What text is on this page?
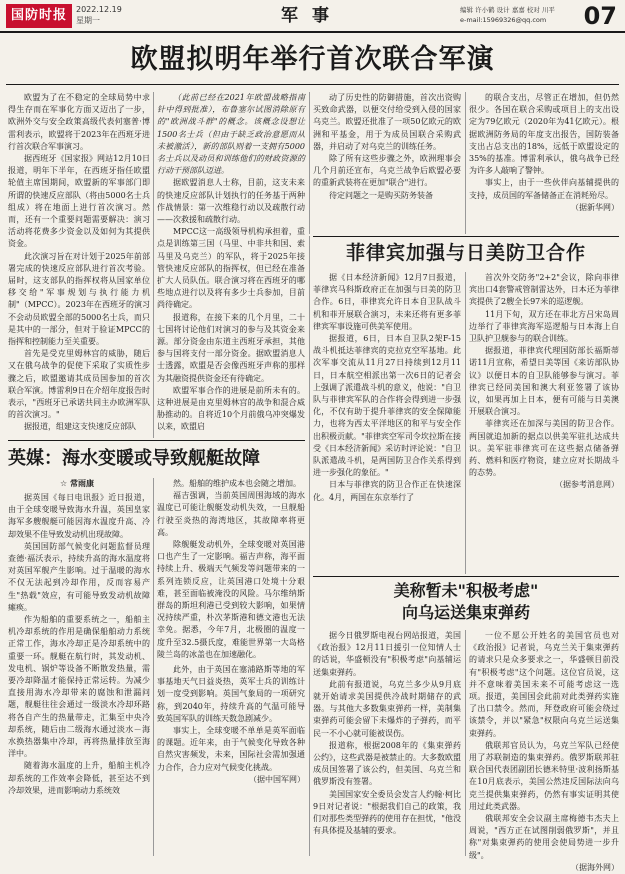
国防时报	2022.12.19
星期一	军事	编辑 许小鹤 设计 嘉嘉 校对 川平
e-mail:15969326@qq.com	07
欧盟拟明年举行首次联合军演

欧盟为了在不稳定的全球局势中求得生存而在军事化方面又迈出了一步，欧洲外交与安全政策高级代表何塞普·博雷利表示，欧盟将于2023年在西班牙进行首次联合军事演习。

据西班牙《国家报》网站12月10日报道，明年下半年，在西班牙指任欧盟轮值主席国期间，欧盟新的军事部门即所谓的快速反应部队（将由5000名士兵组成）将在地面上进行首次演习。然而，还有一个重要问题需要解决：演习活动将花费多少资金以及如何为其提供资金。

此次演习旨在对计划于2025年前部署完成的快速反应部队进行首次考验。届时，这支部队的指挥权将从国家单位移交给"军事规划与执行能力机制"（MPCC）。2023年在西班牙的演习不会动员欧盟全部的5000名士兵，而只是其中的一部分，但对于验证MPCC的指挥和控制能力至关重要。

首先是受克里姆林宫的威胁，随后又在俄乌战争的促使下采取了实质性步骤之后，欧盟邀请其成员国参加的首次联合军演。博雷利9日在介绍年度报告时表示，"西班牙已承诺共同主办欧洲军队的首次演习。"

据报道，组建这支快速反应部队

（此前已经在2021年欧盟战略指南针中得到批准），布鲁塞尔试图消除原有的"欧洲战斗群"的概念。该概念设想让1500名士兵（但由于缺乏政治意愿而从未被激活），新的部队则着一支拥有5000名士兵以及动员和训练他们的财政资源的行动干预部队迈进。

据欧盟消息人士称，目前，这支未来的快速反应部队计划执行的任务基于两种作战情景：第一次维稳行动以及疏散行动——次救援和疏散行动。

MPCC这一高级领导机构承担着，重点是训练第三国（马里、中非共和国、索马里及乌克兰）的军队，将于2025年接管快速反应部队的指挥权，但已经在准备扩大人员队伍。联合演习将在西班牙的哪些地点进行以及将有多少士兵参加，目前尚待确定。

报道称，在接下来的几个月里，二十七国将讨论他们对演习的参与及其资金来源。部分资金由东道主西班牙承担，其他参与国将支付一部分资金。据欧盟消息人士透露，欧盟是否会像西班牙声称的那样为其融资提供资金还有待确定。

欧盟军事合作的进展是前所未有的。这种进展是由克里姆林宫的战争和混合威胁推动的。自将近10个月前俄乌冲突爆发以来，欧盟启

动了历史性的防御措施，首次出资购买致命武器，以便交付给受到入侵的国家乌克兰。欧盟还批准了一项50亿欧元的欧洲和平基金，用于为成员国联合采购武器，并启动了对乌克兰的训练任务。

除了所有这些步骤之外，欧洲理事会几个月前还宣布，乌克兰战争后欧盟必要的重新武装将在更加"联合"进行。

待定问题之一是购买防务装备

的联合支出，尽管正在增加，但仍然很少。各国在联合采购或项目上的支出设定为79亿欧元（2020年为41亿欧元）。根据欧洲防务局的年度支出报告，国防装备支出占总支出的18%，远低于欧盟设定的35%的基准。博雷利承认，俄乌战争已经为许多人敲响了警钟。

事实上，由于一些伙伴向基辅提供的支持，成员国的军备储备正在消耗殆尽。

（据新华网）
菲律宾加强与日美防卫合作

据《日本经济新闻》12月7日报道，菲律宾马科斯政府正在加强与日美的防卫合作。6日，菲律宾允许日本自卫队战斗机和菲开展联合演习，未来还将有更多菲律宾军事设施可供美军使用。

据报道，6日，日本自卫队2架F-15战斗机抵达菲律宾的克拉克空军基地。此次军事交流从11月27日持续到12月11日，日本航空相派出第一次6日的记者会上强调了派遣战斗机的意义，他说："自卫队与菲律宾军队的合作将会得到进一步强化，不仅有助于提升菲律宾的安全保障能力，也将为西太平洋地区的和平与安全作出积极贡献。"菲律宾空军司令坎拉斯在接受《日本经济新闻》采访时评论说："自卫队派遣战斗机，是两国防卫合作关系得到进一步强化的象征。"

日本与菲律宾的防卫合作正在快速深化。4月，两国在东京举行了

首次外交防务"2+2"会议，除向菲律宾出口4套警戒管制雷达外，日本还为菲律宾提供了2艘全长97米的巡逻舰。

11月下旬，双方还在菲北方吕宋岛周边举行了菲律宾海军巡逻船与日本海上自卫队护卫舰参与的联合训练。

据报道，菲律宾代理国防部长福斯蒂诺11月宣称，希望日美等国《来访部队协议》以便日本的自卫队能够参与演习。菲律宾已经同美国和澳大利亚签署了该协议，如果再加上日本，便有可能与日美澳开展联合演习。

菲律宾还在加深与美国的防卫合作。两国就追加新的据点以供美军驻扎达成共识。美军驻菲律宾可在这些据点储备弹药、燃料和医疗物资，建立应对长期战斗的态势。

（据参考消息网）
英媒：海水变暖或导致舰艇故障
☆ 常雨康

据英国《每日电讯报》近日报道，由于全球变暖导致海水升温，英国皇家海军多艘舰艇可能因海水温度升高、冷却效果不佳导致发动机出现故障。

英国国防部气候变化问题监督员理查德·福沃表示，持续升高的海水温度将对英国军舰产生影响。过于温暖的海水不仅无法起到冷却作用，反而容易产生"热载"效应，有可能导致发动机故障瘫痪。

作为船舶的重要系统之一，船舶主机冷却系统的作用是确保船舶动力系统正常工作，海水冷却正是冷却系统中的重要一环。舰艇在航行时，其发动机、发电机、锅炉等设备不断散发热量，需要冷却降温才能保持正常运转。为减少直接用海水冷却带来的腐蚀和泄漏问题，舰艇往往会通过一级淡水冷却环路将各自产生的热量带走，汇集至中央冷却系统，随后由二级海水通过淡水－海水换热器集中冷却，再将热量排放至海洋中。

随着海水温度的上升，船舶主机冷却系统的工作效率会降低，甚至达不到冷却效果，进而影响动力系统效

然。船舶的维护成本也会随之增加。

福吉强调，当前英国周围海域的海水温度已可能让舰艇发动机失效，一旦舰船行驶至炎热的海湾地区，其故障率将更高。

除舰艇发动机外，全球变暖对英国港口也产生了一定影响。福吉声称，海平面持续上升、极端天气频发等问题带来的一系列连锁反应，让英国港口处境十分艰难，甚至面临被淹没的风险。马尔维纳斯群岛的斯坦利港已受到较大影响，如果情况持续严重，朴次茅斯港和德文港也无法幸免。据悉，今年7月，北极圈的温度一度升至32.5摄氏度，难能世界第一大岛格陵兰岛的冰盖也在加速融化。

此外，由于英国在塞浦路斯等地的军事基地天气日益炎热，英军士兵的训练计划一度受到影响。英国气象局的一项研究称，到2040年，持续升高的气温可能导致英国军队的训练天数急剧减少。

事实上，全球变暖不单单是英军面临的课题。近年来，由于气候变化导致各种自然灾害频发，未来，国际社会需加强通力合作，合力应对气候变化挑战。

（据中国军网）
美称暂未"积极考虑"
向乌运送集束弹药

据今日俄罗斯电视台网站报道，美国《政治报》12月11日援引一位知情人士的话说，华盛顿没有"积极考虑"向基辅运送集束弹药。

此前有报道说，乌克兰多少从9月底就开始请求美国提供冷战时期储存的武器。与其他大多数集束弹药一样，美制集束弹药可能会留下未爆炸的子弹药，而平民一不小心就可能被误伤。

报道称，根据2008年的《集束弹药公约》，这些武器是被禁止的。大多数欧盟成员国签署了该公约，但美国、乌克兰和俄罗斯没有签署。

美国国家安全委员会发言人约翰·柯比9日对记者说："根据我们自己的政策，我们对那些类型弹药的使用存在担忧，"他没有具体提及基辅的要求。

一位不愿公开姓名的美国官员也对《政治报》记者说，乌克兰关于集束弹药的请求只是众多要求之一，华盛顿目前没有"积极考虑"这个问题。这位官员说，这并不意味着美国未来不可能考虑这一选项。报道，美国国会此前对此类弹药实施了出口禁令。然而，拜登政府可能会绕过该禁令，并以"紧急"权限向乌克兰运送集束弹药。

俄联邦官员认为，乌克兰军队已经使用了苏联制造的集束弹药。俄罗斯联邦驻联合国代表团副团长德米特里·波利扬斯基在10月底表示，美国公然违反国际法向乌克兰提供集束弹药，仍然有事实证明其使用过此类武器。

俄联邦安全会议副主席梅德韦杰夫上周说，"西方正在试图削弱俄罗斯"，并且称"对集束弹药的使用会使局势进一步升级"。

（据海外网）
